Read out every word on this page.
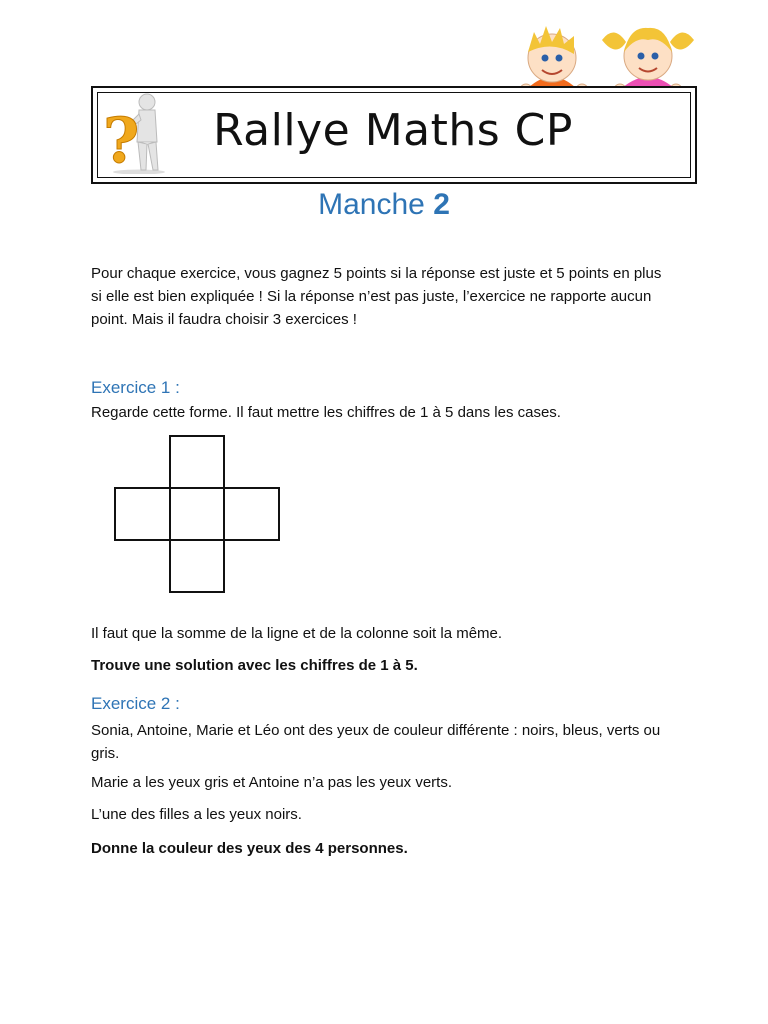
? Rallye Maths CP
Manche 2
Pour chaque exercice, vous gagnez 5 points si la réponse est juste et 5 points en plus si elle est bien expliquée ! Si la réponse n’est pas juste, l’exercice ne rapporte aucun point. Mais il faudra choisir 3 exercices !
Exercice 1 :
Regarde cette forme. Il faut mettre les chiffres de 1 à 5 dans les cases.
Il faut que la somme de la ligne et de la colonne soit la même.
Trouve une solution avec les chiffres de 1 à 5.
Exercice 2 :
Sonia, Antoine, Marie et Léo ont des yeux de couleur différente : noirs, bleus, verts ou gris.
Marie a les yeux gris et Antoine n’a pas les yeux verts.
L’une des filles a les yeux noirs.
Donne la couleur des yeux des 4 personnes.
